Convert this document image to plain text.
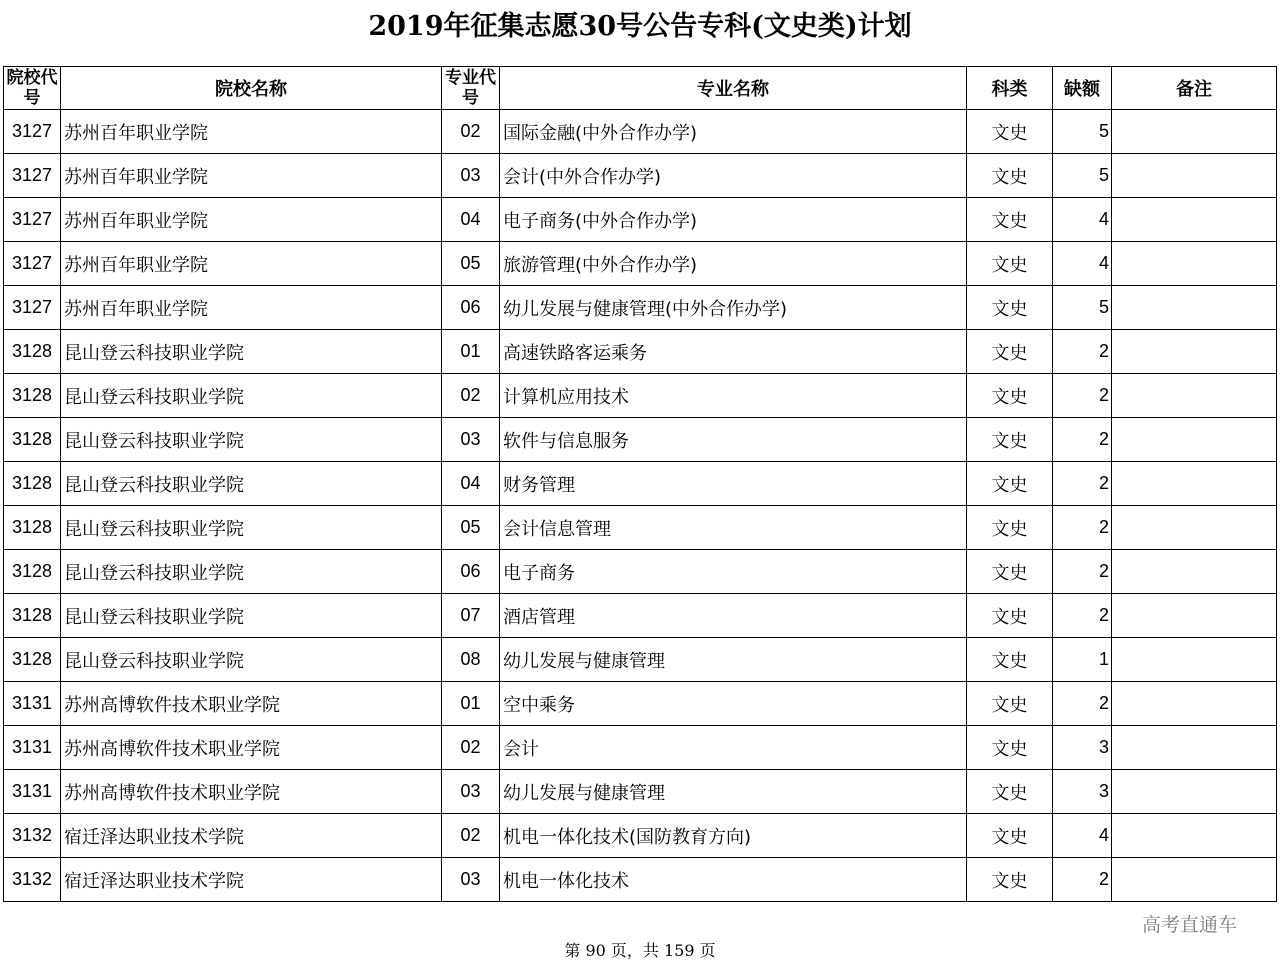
2019年征集志愿30号公告专科(文史类)计划
院校代号	院校名称	专业代号	专业名称	科类	缺额	备注
3127	苏州百年职业学院	02	国际金融(中外合作办学)	文史	5	
3127	苏州百年职业学院	03	会计(中外合作办学)	文史	5	
3127	苏州百年职业学院	04	电子商务(中外合作办学)	文史	4	
3127	苏州百年职业学院	05	旅游管理(中外合作办学)	文史	4	
3127	苏州百年职业学院	06	幼儿发展与健康管理(中外合作办学)	文史	5	
3128	昆山登云科技职业学院	01	高速铁路客运乘务	文史	2	
3128	昆山登云科技职业学院	02	计算机应用技术	文史	2	
3128	昆山登云科技职业学院	03	软件与信息服务	文史	2	
3128	昆山登云科技职业学院	04	财务管理	文史	2	
3128	昆山登云科技职业学院	05	会计信息管理	文史	2	
3128	昆山登云科技职业学院	06	电子商务	文史	2	
3128	昆山登云科技职业学院	07	酒店管理	文史	2	
3128	昆山登云科技职业学院	08	幼儿发展与健康管理	文史	1	
3131	苏州高博软件技术职业学院	01	空中乘务	文史	2	
3131	苏州高博软件技术职业学院	02	会计	文史	3	
3131	苏州高博软件技术职业学院	03	幼儿发展与健康管理	文史	3	
3132	宿迁泽达职业技术学院	02	机电一体化技术(国防教育方向)	文史	4	
3132	宿迁泽达职业技术学院	03	机电一体化技术	文史	2	
第 90 页，共 159 页
高考直通车
